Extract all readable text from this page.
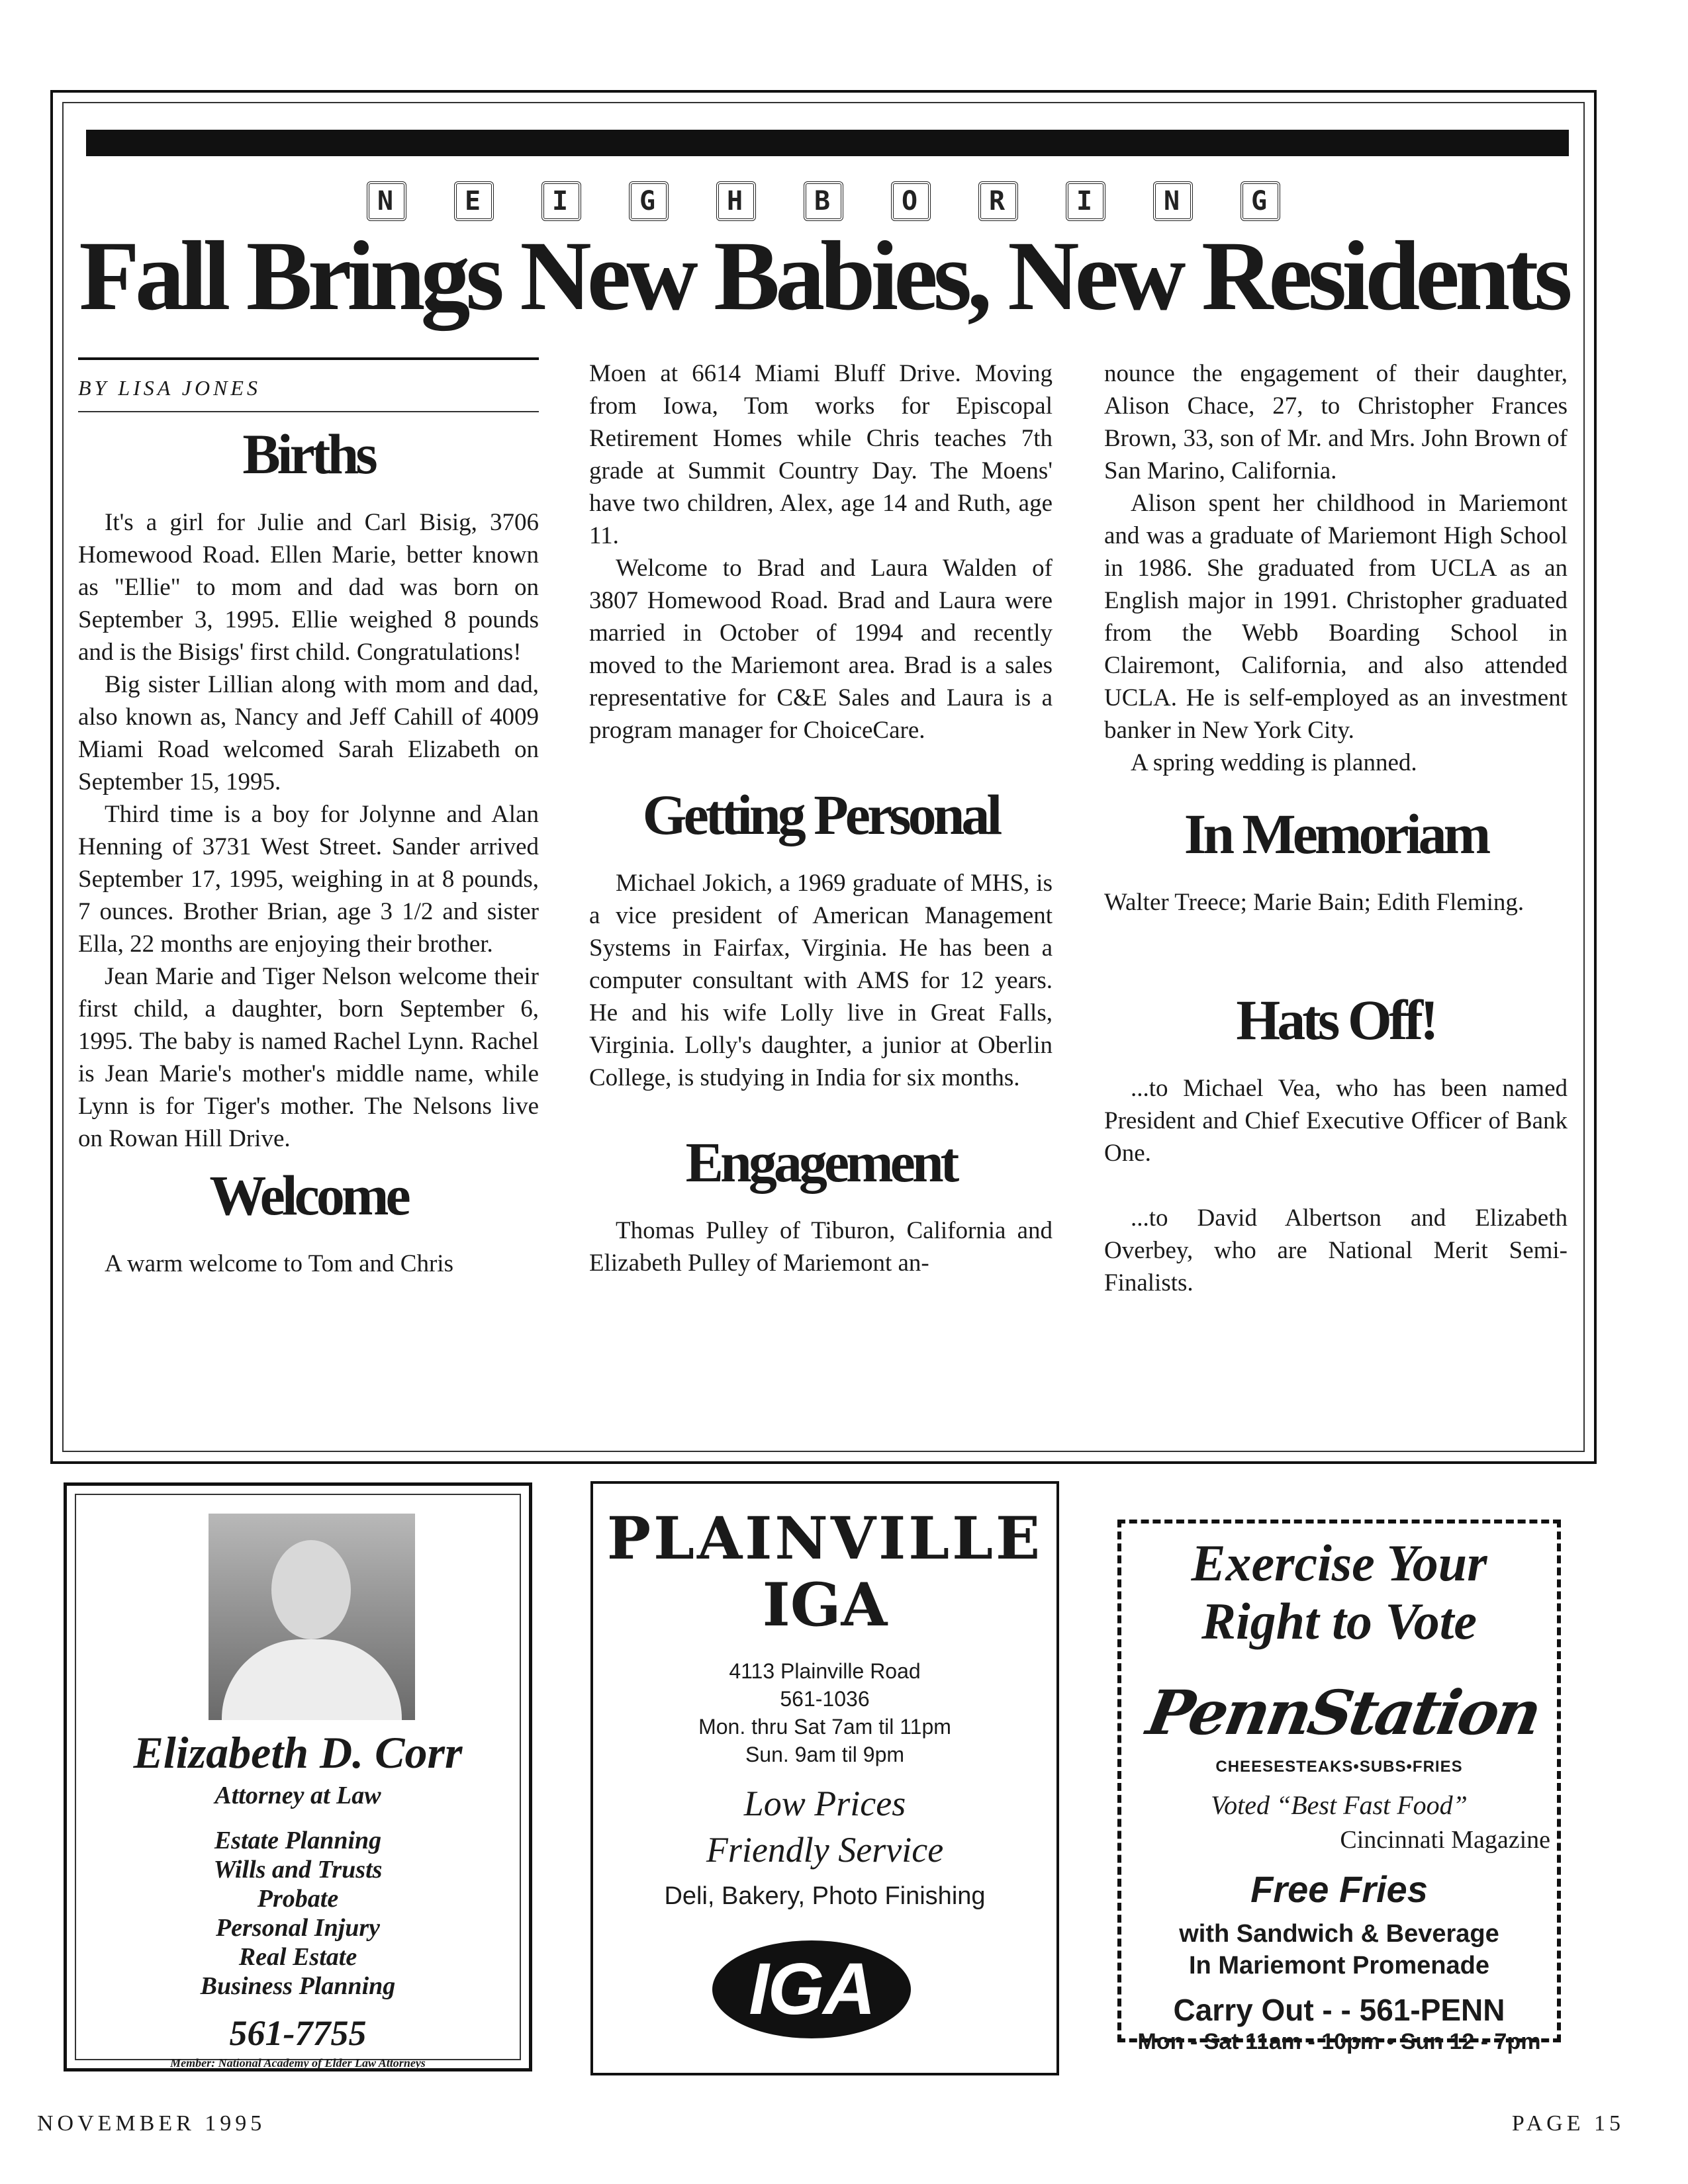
N	E	I	G	H	B	O	R	I	N	G
Fall Brings New Babies, New Residents
BY LISA JONES
Births

It's a girl for Julie and Carl Bisig, 3706 Homewood Road. Ellen Marie, better known as "Ellie" to mom and dad was born on September 3, 1995. Ellie weighed 8 pounds and is the Bisigs' first child. Congratulations!

Big sister Lillian along with mom and dad, also known as, Nancy and Jeff Cahill of 4009 Miami Road welcomed Sarah Elizabeth on September 15, 1995.

Third time is a boy for Jolynne and Alan Henning of 3731 West Street. Sander arrived September 17, 1995, weighing in at 8 pounds, 7 ounces. Brother Brian, age 3 1/2 and sister Ella, 22 months are enjoying their brother.

Jean Marie and Tiger Nelson welcome their first child, a daughter, born September 6, 1995. The baby is named Rachel Lynn. Rachel is Jean Marie's mother's middle name, while Lynn is for Tiger's mother. The Nelsons live on Rowan Hill Drive.

Welcome

A warm welcome to Tom and Chris

Moen at 6614 Miami Bluff Drive. Moving from Iowa, Tom works for Episcopal Retirement Homes while Chris teaches 7th grade at Summit Country Day. The Moens' have two children, Alex, age 14 and Ruth, age 11.

Welcome to Brad and Laura Walden of 3807 Homewood Road. Brad and Laura were married in October of 1994 and recently moved to the Mariemont area. Brad is a sales representative for C&E Sales and Laura is a program manager for ChoiceCare.

Getting Personal

Michael Jokich, a 1969 graduate of MHS, is a vice president of American Management Systems in Fairfax, Virginia. He has been a computer consultant with AMS for 12 years. He and his wife Lolly live in Great Falls, Virginia. Lolly's daughter, a junior at Oberlin College, is studying in India for six months.

Engagement

Thomas Pulley of Tiburon, California and Elizabeth Pulley of Mariemont an-

nounce the engagement of their daughter, Alison Chace, 27, to Christopher Frances Brown, 33, son of Mr. and Mrs. John Brown of San Marino, California.

Alison spent her childhood in Mariemont and was a graduate of Mariemont High School in 1986. She graduated from UCLA as an English major in 1991. Christopher graduated from the Webb Boarding School in Clairemont, California, and also attended UCLA. He is self-employed as an investment banker in New York City.

A spring wedding is planned.

In Memoriam

Walter Treece; Marie Bain; Edith Fleming.

Hats Off!

...to Michael Vea, who has been named President and Chief Executive Officer of Bank One.

...to David Albertson and Elizabeth Overbey, who are National Merit Semi-Finalists.

Elizabeth D. Corr
Attorney at Law
Estate Planning
Wills and Trusts
Probate
Personal Injury
Real Estate
Business Planning
561-7755
Member: National Academy of Elder Law Attorneys
PLAINVILLE
IGA
4113 Plainville Road
561-1036
Mon. thru Sat 7am til 11pm
Sun. 9am til 9pm
Low Prices
Friendly Service
Deli, Bakery, Photo Finishing
IGA
Exercise Your
Right to Vote
PennStation
CHEESESTEAKS•SUBS•FRIES
Voted “Best Fast Food”
Cincinnati Magazine
Free Fries
with Sandwich & Beverage
In Mariemont Promenade
Carry Out - - 561-PENN
Mon - Sat 11am - 10pm • Sun 12 - 7pm
NOVEMBER 1995	PAGE 15
